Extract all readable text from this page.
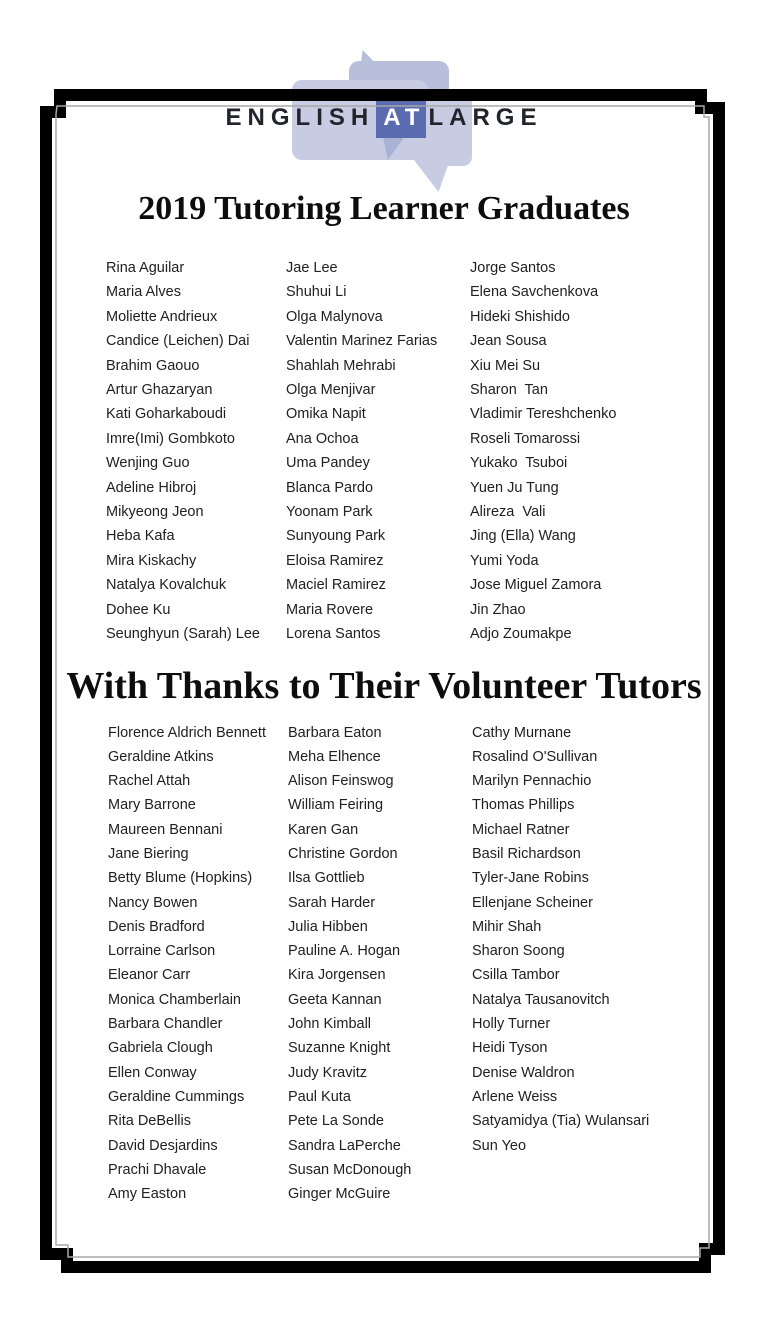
ENGLISH AT LARGE
2019 Tutoring Learner Graduates
Rina Aguilar
Maria Alves
Moliette Andrieux
Candice (Leichen) Dai
Brahim Gaouo
Artur Ghazaryan
Kati Goharkaboudi
Imre(Imi) Gombkoto
Wenjing Guo
Adeline Hibroj
Mikyeong Jeon
Heba Kafa
Mira Kiskachy
Natalya Kovalchuk
Dohee Ku
Seunghyun (Sarah) Lee
Jae Lee
Shuhui Li
Olga Malynova
Valentin Marinez Farias
Shahlah Mehrabi
Olga Menjivar
Omika Napit
Ana Ochoa
Uma Pandey
Blanca Pardo
Yoonam Park
Sunyoung Park
Eloisa Ramirez
Maciel Ramirez
Maria Rovere
Lorena Santos
Jorge Santos
Elena Savchenkova
Hideki Shishido
Jean Sousa
Xiu Mei Su
Sharon  Tan
Vladimir Tereshchenko
Roseli Tomarossi
Yukako  Tsuboi
Yuen Ju Tung
Alireza  Vali
Jing (Ella) Wang
Yumi Yoda
Jose Miguel Zamora
Jin Zhao
Adjo Zoumakpe
With Thanks to Their Volunteer Tutors
Florence Aldrich Bennett
Geraldine Atkins
Rachel Attah
Mary Barrone
Maureen Bennani
Jane Biering
Betty Blume (Hopkins)
Nancy Bowen
Denis Bradford
Lorraine Carlson
Eleanor Carr
Monica Chamberlain
Barbara Chandler
Gabriela Clough
Ellen Conway
Geraldine Cummings
Rita DeBellis
David Desjardins
Prachi Dhavale
Amy Easton
Barbara Eaton
Meha Elhence
Alison Feinswog
William Feiring
Karen Gan
Christine Gordon
Ilsa Gottlieb
Sarah Harder
Julia Hibben
Pauline A. Hogan
Kira Jorgensen
Geeta Kannan
John Kimball
Suzanne Knight
Judy Kravitz
Paul Kuta
Pete La Sonde
Sandra LaPerche
Susan McDonough
Ginger McGuire
Cathy Murnane
Rosalind O'Sullivan
Marilyn Pennachio
Thomas Phillips
Michael Ratner
Basil Richardson
Tyler-Jane Robins
Ellenjane Scheiner
Mihir Shah
Sharon Soong
Csilla Tambor
Natalya Tausanovitch
Holly Turner
Heidi Tyson
Denise Waldron
Arlene Weiss
Satyamidya (Tia) Wulansari
Sun Yeo
